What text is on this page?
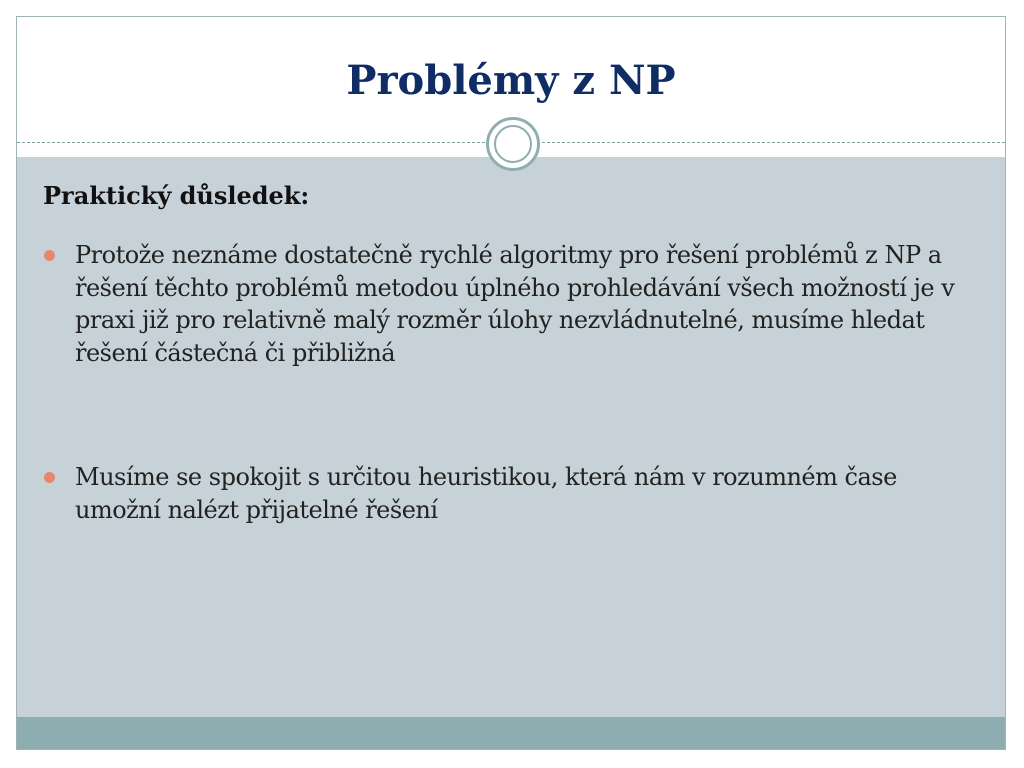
Problémy z NP
Praktický důsledek:
Protože neznáme dostatečně rychlé algoritmy pro řešení problémů z NP a řešení těchto problémů metodou úplného prohledávání všech možností je v praxi již pro relativně malý rozměr úlohy nezvládnutelné, musíme hledat řešení částečná či přibližná
Musíme se spokojit s určitou heuristikou, která nám v rozumném čase umožní nalézt přijatelné řešení
